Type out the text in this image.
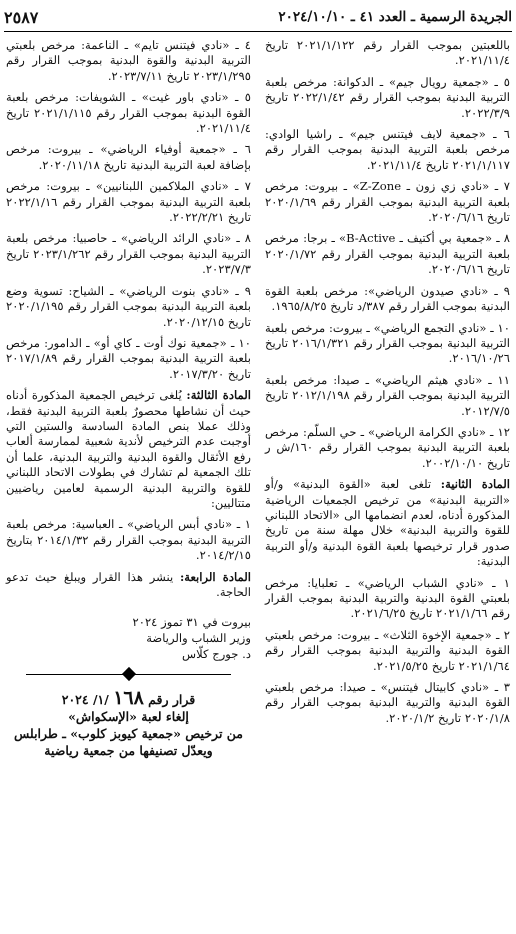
الجريدة الرسمية ـ العدد ٤١ ـ ٢٠٢٤/١٠/١٠
٢٥٨٧

باللعبتين بموجب القرار رقم ٢٠٢١/١/١٢٢ تاريخ ٢٠٢١/١١/٤.

٥ ـ «جمعية رويال جيم» ـ الدكوانة: مرخص بلعبة التربية البدنية بموجب القرار رقم ٢٠٢٢/١/٤٢ تاريخ ٢٠٢٢/٣/٩.

٦ ـ «جمعية لايف فيتنس جيم» ـ راشيا الوادي: مرخص بلعبة التربية البدنية بموجب القرار رقم ٢٠٢١/١/١١٧ تاريخ ٢٠٢١/١١/٤.

٧ ـ «نادي زي زون ـ Z-Zone» ـ بيروت: مرخص بلعبة التربية البدنية بموجب القرار رقم ٢٠٢٠/١/٦٩ تاريخ ٢٠٢٠/٦/١٦.

٨ ـ «جمعية بي أكتيف ـ B-Active» ـ برجا: مرخص بلعبة التربية البدنية بموجب القرار رقم ٢٠٢٠/١/٧٢ تاريخ ٢٠٢٠/٦/١٦.

٩ ـ «نادي صيدون الرياضي»: مرخص بلعبة القوة البدنية بموجب القرار رقم ٣٨٧/د تاريخ ١٩٦٥/٨/٢٥.

١٠ ـ «نادي التجمع الرياضي» ـ بيروت: مرخص بلعبة التربية البدنية بموجب القرار رقم ٢٠١٦/١/٣٢١ تاريخ ٢٠١٦/١٠/٢٦.

١١ ـ «نادي هيثم الرياضي» ـ صيدا: مرخص بلعبة التربية البدنية بموجب القرار رقم ٢٠١٢/١/١٩٨ تاريخ ٢٠١٢/٧/٥.

١٢ ـ «نادي الكرامة الرياضي» ـ حي السلّم: مرخص بلعبة التربية البدنية بموجب القرار رقم ١٦٠/ش ر تاريخ ٢٠٠٢/١٠/١٠.

المادة الثانية: تلغى لعبة «القوة البدنية» و/أو «التربية البدنية» من ترخيص الجمعيات الرياضية المذكورة أدناه، لعدم انضمامها الى «الاتحاد اللبناني للقوة والتربية البدنية» خلال مهلة سنة من تاريخ صدور قرار ترخيصها بلعبة القوة البدنية و/أو التربية البدنية:

١ ـ «نادي الشباب الرياضي» ـ تعلبايا: مرخص بلعبتي القوة البدنية والتربية البدنية بموجب القرار رقم ٢٠٢١/١/٦٦ تاريخ ٢٠٢١/٦/٢٥.

٢ ـ «جمعية الإخوة الثلاث» ـ بيروت: مرخص بلعبتي القوة البدنية والتربية البدنية بموجب القرار رقم ٢٠٢١/١/٦٤ تاريخ ٢٠٢١/٥/٢٥.

٣ ـ «نادي كابيتال فيتنس» ـ صيدا: مرخص بلعبتي القوة البدنية والتربية البدنية بموجب القرار رقم ٢٠٢٠/١/٨ تاريخ ٢٠٢٠/١/٢.

٤ ـ «نادي فيتنس تايم» ـ الناعمة: مرخص بلعبتي التربية البدنية والقوة البدنية بموجب القرار رقم ٢٠٢٣/١/٢٩٥ تاريخ ٢٠٢٣/٧/١١.

٥ ـ «نادي باور غيت» ـ الشويفات: مرخص بلعبة القوة البدنية بموجب القرار رقم ٢٠٢١/١/١١٥ تاريخ ٢٠٢١/١١/٤.

٦ ـ «جمعية أوفياء الرياضي» ـ بيروت: مرخص بإضافة لعبة التربية البدنية تاريخ ٢٠٢٠/١١/١٨.

٧ ـ «نادي الملاكمين اللبنانيين» ـ بيروت: مرخص بلعبة التربية البدنية بموجب القرار رقم ٢٠٢٢/١/١٦ تاريخ ٢٠٢٢/٢/٢١.

٨ ـ «نادي الرائد الرياضي» ـ حاصبيا: مرخص بلعبة التربية البدنية بموجب القرار رقم ٢٠٢٣/١/٢٦٢ تاريخ ٢٠٢٣/٧/٣.

٩ ـ «نادي بنوت الرياضي» ـ الشياح: تسوية وضع بلعبة التربية البدنية بموجب القرار رقم ٢٠٢٠/١/١٩٥ تاريخ ٢٠٢٠/١٢/١٥.

١٠ ـ «جمعية نوك أوت ـ كاي أو» ـ الدامور: مرخص بلعبة التربية البدنية بموجب القرار رقم ٢٠١٧/١/٨٩ تاريخ ٢٠١٧/٣/٢٠.

المادة الثالثة: يُلغى ترخيص الجمعية المذكورة أدناه حيث أن نشاطها محصورٌ بلعبة التربية البدنية فقط، وذلك عملا بنص المادة السادسة والستين التي أوجبت عدم الترخيص لأندية شعبية لممارسة ألعاب رفع الأثقال والقوة البدنية والتربية البدنية، علما أن تلك الجمعية لم تشارك في بطولات الاتحاد اللبناني للقوة والتربية البدنية الرسمية لعامين رياضيين متتاليين:

١ ـ «نادي أبس الرياضي» ـ العباسية: مرخص بلعبة التربية البدنية بموجب القرار رقم ٢٠١٤/١/٣٢ بتاريخ ٢٠١٤/٢/١٥.

المادة الرابعة: ينشر هذا القرار ويبلغ حيث تدعو الحاجة.

بيروت في ٣١ تموز ٢٠٢٤
وزير الشباب والرياضة
د. جورج كلّاس
قرار رقم ١٦٨ /١/ ٢٠٢٤
إلغاء لعبة «الإسكواش»
من ترخيص «جمعية كيوبز كلوب» ـ طرابلس
ويعدّل تصنيفها من جمعية رياضية
